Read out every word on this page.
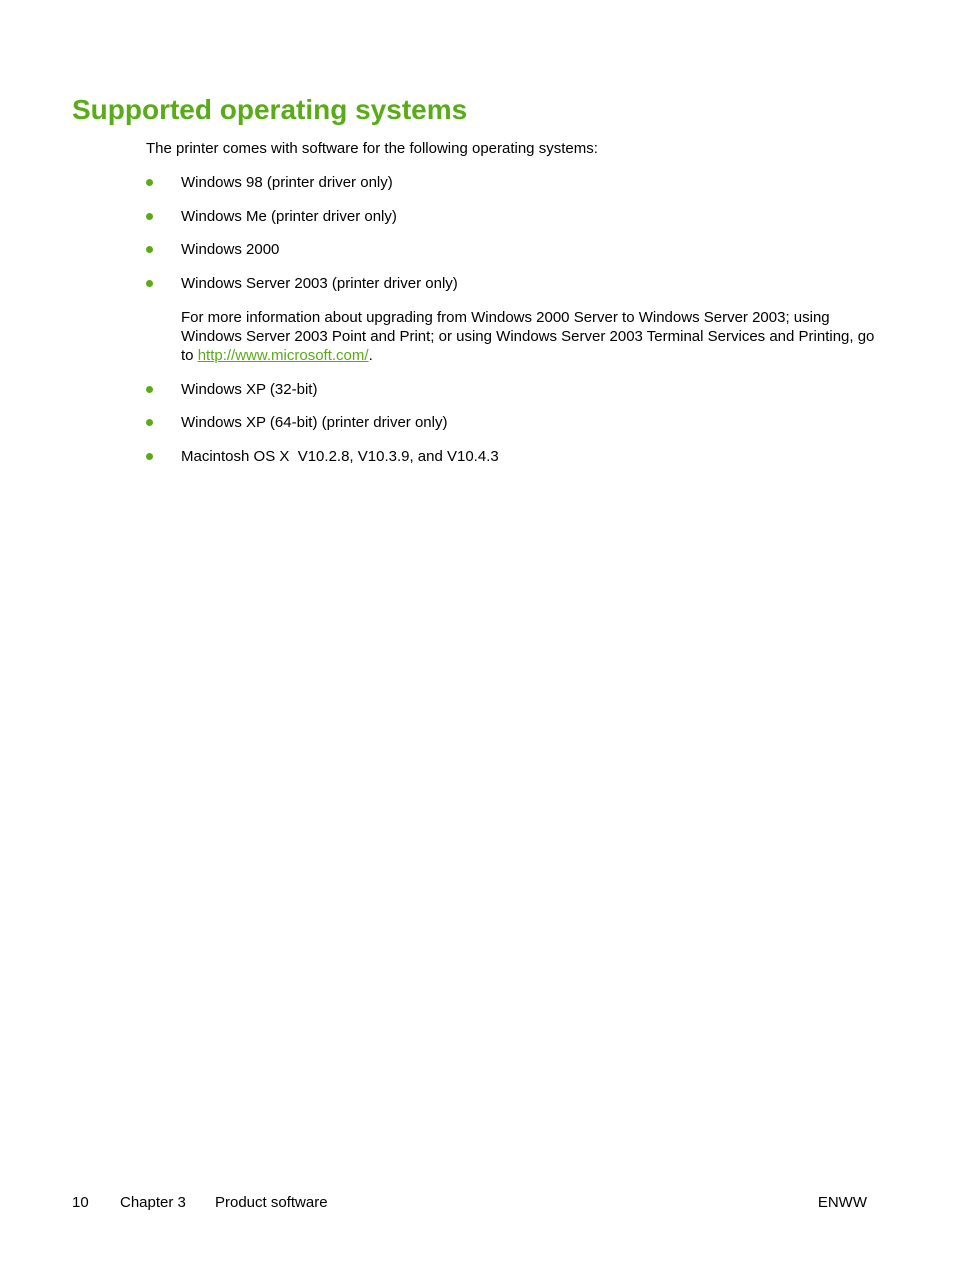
Supported operating systems

The printer comes with software for the following operating systems:

Windows 98 (printer driver only)
Windows Me (printer driver only)
Windows 2000
Windows Server 2003 (printer driver only)

For more information about upgrading from Windows 2000 Server to Windows Server 2003; using Windows Server 2003 Point and Print; or using Windows Server 2003 Terminal Services and Printing, go to http://www.microsoft.com/.

Windows XP (32-bit)
Windows XP (64-bit) (printer driver only)
Macintosh OS X  V10.2.8, V10.3.9, and V10.4.3
10 Chapter 3 Product software	ENWW
